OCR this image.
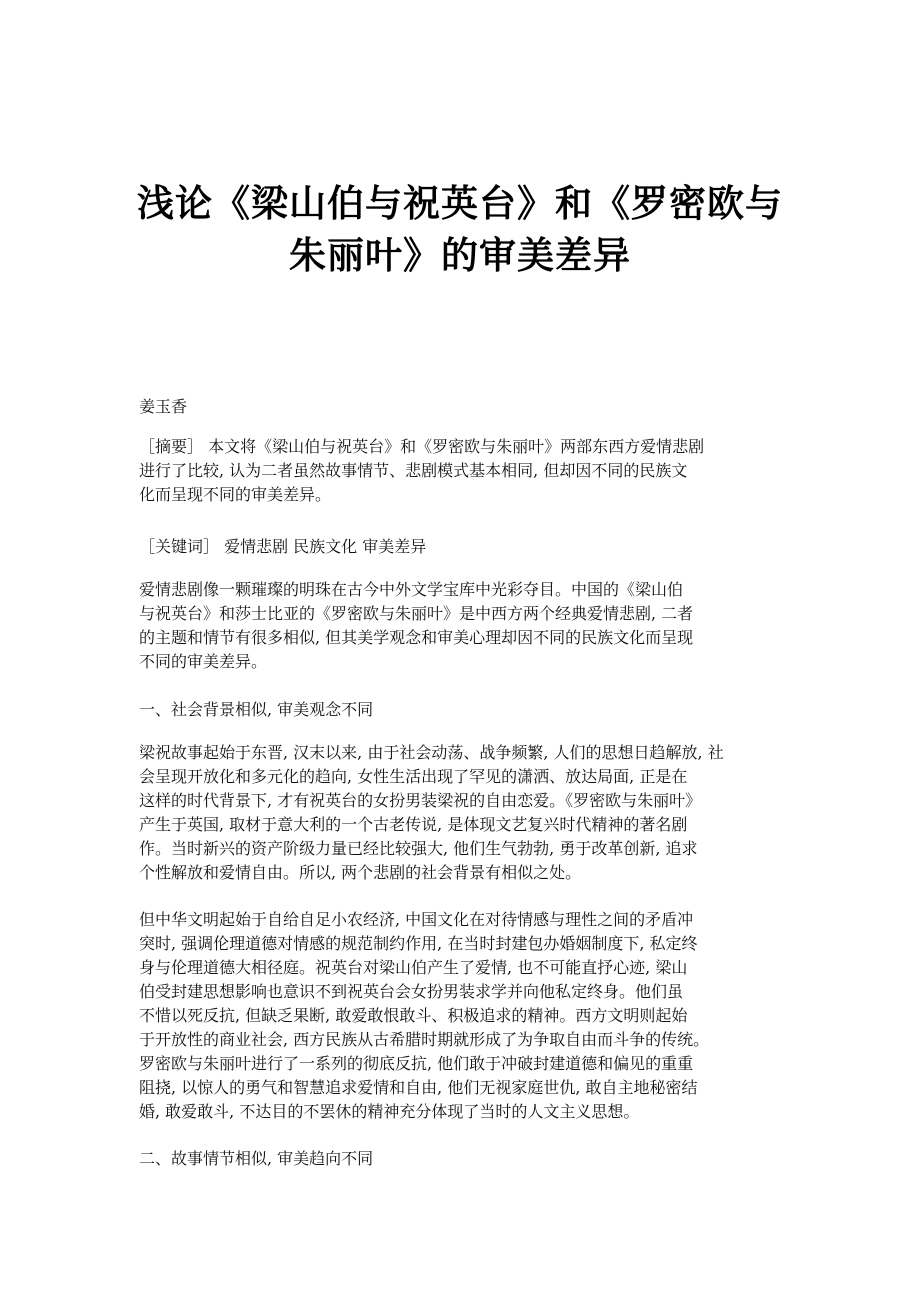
浅论《梁山伯与祝英台》和《罗密欧与
朱丽叶》的审美差异
姜玉香
［摘要］ 本文将《梁山伯与祝英台》和《罗密欧与朱丽叶》两部东西方爱情悲剧
进行了比较, 认为二者虽然故事情节、悲剧模式基本相同, 但却因不同的民族文
化而呈现不同的审美差异。
［关键词］ 爱情悲剧 民族文化 审美差异
爱情悲剧像一颗璀璨的明珠在古今中外文学宝库中光彩夺目。中国的《梁山伯
与祝英台》和莎士比亚的《罗密欧与朱丽叶》是中西方两个经典爱情悲剧, 二者
的主题和情节有很多相似, 但其美学观念和审美心理却因不同的民族文化而呈现
不同的审美差异。
一、社会背景相似, 审美观念不同
梁祝故事起始于东晋, 汉末以来, 由于社会动荡、战争频繁, 人们的思想日趋解放, 社
会呈现开放化和多元化的趋向, 女性生活出现了罕见的潇洒、放达局面, 正是在
这样的时代背景下, 才有祝英台的女扮男装梁祝的自由恋爱。《罗密欧与朱丽叶》
产生于英国, 取材于意大利的一个古老传说, 是体现文艺复兴时代精神的著名剧
作。当时新兴的资产阶级力量已经比较强大, 他们生气勃勃, 勇于改革创新, 追求
个性解放和爱情自由。所以, 两个悲剧的社会背景有相似之处。
但中华文明起始于自给自足小农经济, 中国文化在对待情感与理性之间的矛盾冲
突时, 强调伦理道德对情感的规范制约作用, 在当时封建包办婚姻制度下, 私定终
身与伦理道德大相径庭。祝英台对梁山伯产生了爱情, 也不可能直抒心迹, 梁山
伯受封建思想影响也意识不到祝英台会女扮男装求学并向他私定终身。他们虽
不惜以死反抗, 但缺乏果断, 敢爱敢恨敢斗、积极追求的精神。西方文明则起始
于开放性的商业社会, 西方民族从古希腊时期就形成了为争取自由而斗争的传统。
罗密欧与朱丽叶进行了一系列的彻底反抗, 他们敢于冲破封建道德和偏见的重重
阻挠, 以惊人的勇气和智慧追求爱情和自由, 他们无视家庭世仇, 敢自主地秘密结
婚, 敢爱敢斗, 不达目的不罢休的精神充分体现了当时的人文主义思想。
二、故事情节相似, 审美趋向不同
